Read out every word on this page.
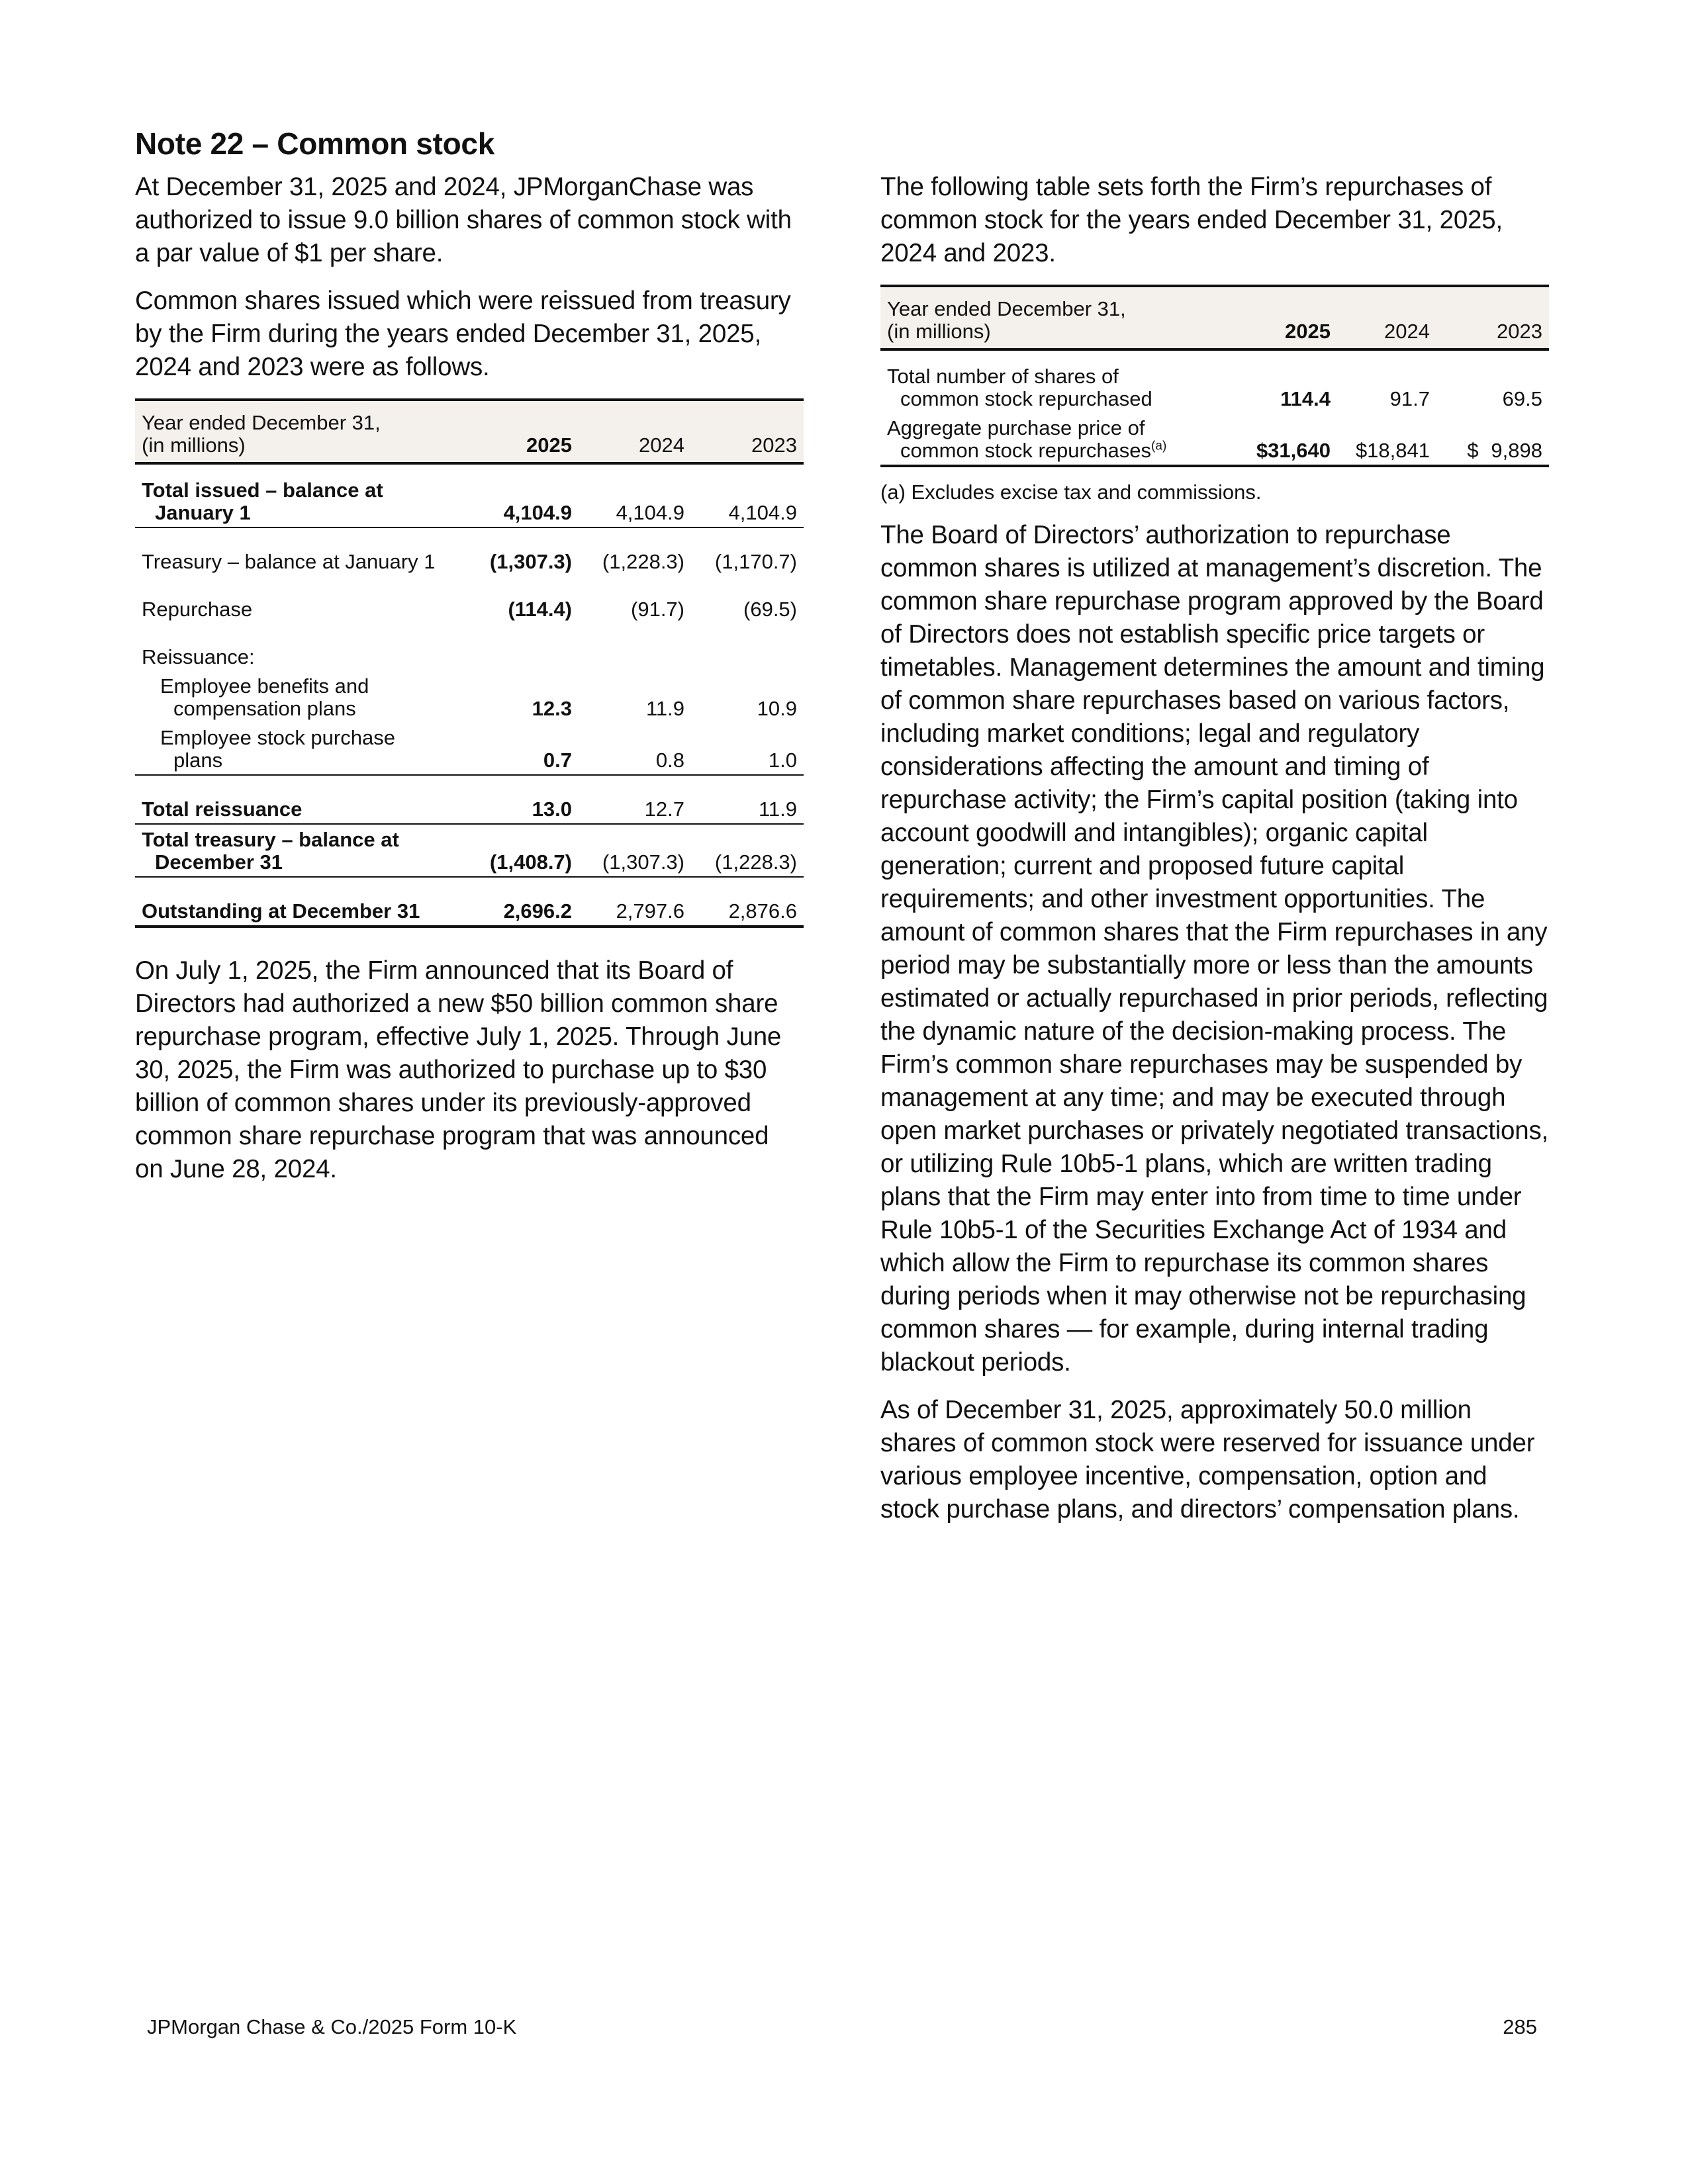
Note 22 – Common stock

At December 31, 2025 and 2024, JPMorganChase was authorized to issue 9.0 billion shares of common stock with a par value of $1 per share.

Common shares issued which were reissued from treasury by the Firm during the years ended December 31, 2025, 2024 and 2023 were as follows.

Year ended December 31,
(in millions)	2025	2024	2023
Total issued – balance at
January 1	4,104.9	4,104.9	4,104.9
Treasury – balance at January 1	(1,307.3)	(1,228.3)	(1,170.7)
Repurchase	(114.4)	(91.7)	(69.5)
Reissuance:			
Employee benefits and
compensation plans	12.3	11.9	10.9
Employee stock purchase
plans	0.7	0.8	1.0
Total reissuance	13.0	12.7	11.9
Total treasury – balance at
December 31	(1,408.7)	(1,307.3)	(1,228.3)
Outstanding at December 31	2,696.2	2,797.6	2,876.6

On July 1, 2025, the Firm announced that its Board of Directors had authorized a new $50 billion common share repurchase program, effective July 1, 2025. Through June 30, 2025, the Firm was authorized to purchase up to $30 billion of common shares under its previously-approved common share repurchase program that was announced on June 28, 2024.

The following table sets forth the Firm’s repurchases of common stock for the years ended December 31, 2025, 2024 and 2023.

Year ended December 31,
(in millions)	2025	2024	2023
Total number of shares of
common stock repurchased	114.4	91.7	69.5
Aggregate purchase price of
common stock repurchases$^{(a)}$	$31,640	$18,841	$ 9,898

(a) Excludes excise tax and commissions.

The Board of Directors’ authorization to repurchase common shares is utilized at management’s discretion. The common share repurchase program approved by the Board of Directors does not establish specific price targets or timetables. Management determines the amount and timing of common share repurchases based on various factors, including market conditions; legal and regulatory considerations affecting the amount and timing of repurchase activity; the Firm’s capital position (taking into account goodwill and intangibles); organic capital generation; current and proposed future capital requirements; and other investment opportunities. The amount of common shares that the Firm repurchases in any period may be substantially more or less than the amounts estimated or actually repurchased in prior periods, reflecting the dynamic nature of the decision-making process. The Firm’s common share repurchases may be suspended by management at any time; and may be executed through open market purchases or privately negotiated transactions, or utilizing Rule 10b5-1 plans, which are written trading plans that the Firm may enter into from time to time under Rule 10b5-1 of the Securities Exchange Act of 1934 and which allow the Firm to repurchase its common shares during periods when it may otherwise not be repurchasing common shares — for example, during internal trading blackout periods.

As of December 31, 2025, approximately 50.0 million shares of common stock were reserved for issuance under various employee incentive, compensation, option and stock purchase plans, and directors’ compensation plans.

JPMorgan Chase & Co./2025 Form 10-K	285
